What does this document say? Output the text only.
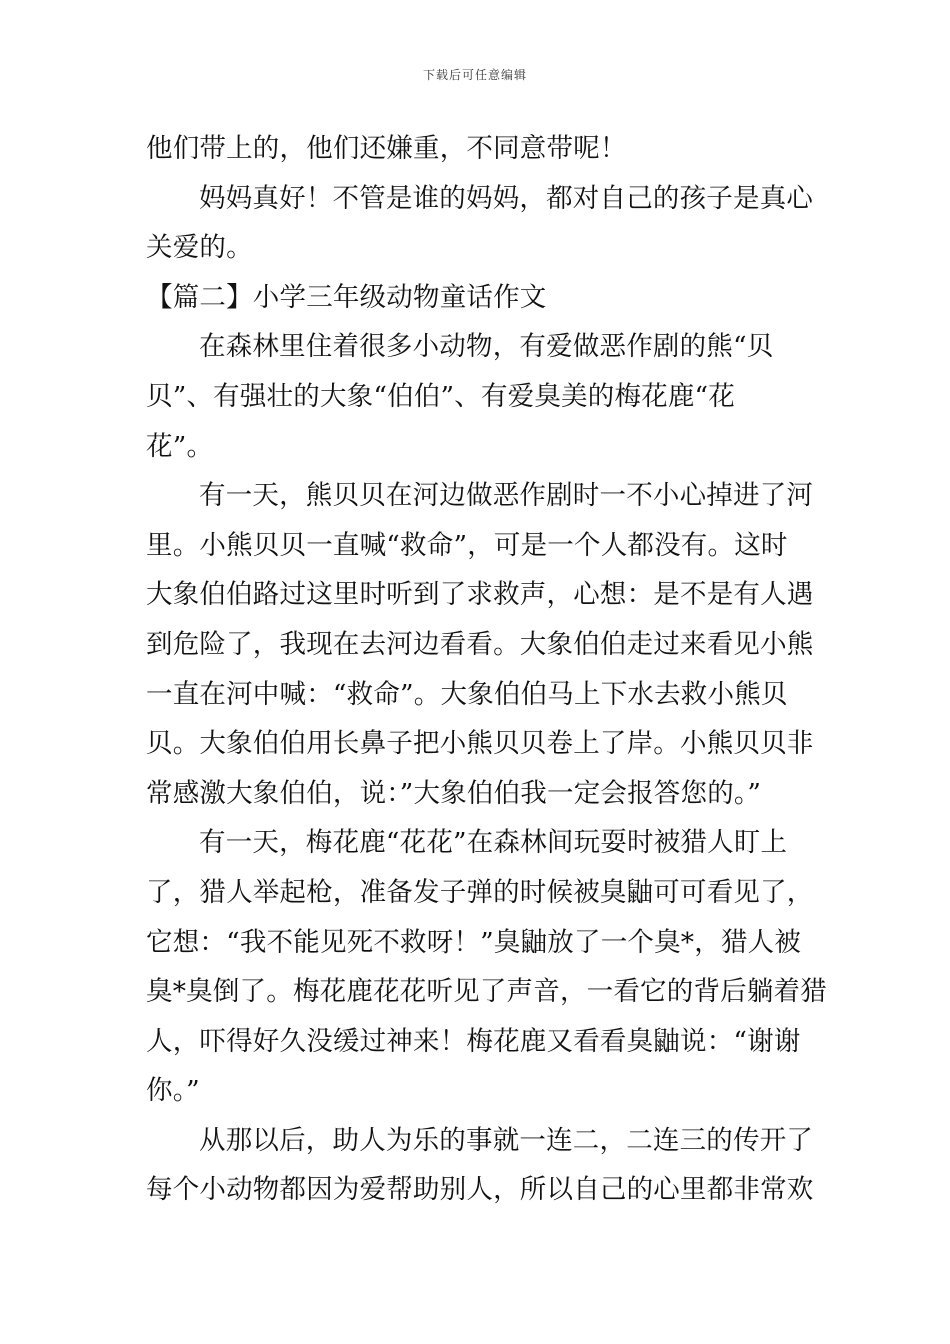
下载后可任意编辑
他们带上的，他们还嫌重，不同意带呢！
妈妈真好！不管是谁的妈妈，都对自己的孩子是真心
关爱的。
【篇二】小学三年级动物童话作文
在森林里住着很多小动物，有爱做恶作剧的熊“贝
贝”、有强壮的大象“伯伯”、有爱臭美的梅花鹿“花
花”。
有一天，熊贝贝在河边做恶作剧时一不小心掉进了河
里。小熊贝贝一直喊“救命”，可是一个人都没有。这时
大象伯伯路过这里时听到了求救声，心想：是不是有人遇
到危险了，我现在去河边看看。大象伯伯走过来看见小熊
一直在河中喊：“救命”。大象伯伯马上下水去救小熊贝
贝。大象伯伯用长鼻子把小熊贝贝卷上了岸。小熊贝贝非
常感激大象伯伯，说：”大象伯伯我一定会报答您的。”
有一天，梅花鹿“花花”在森林间玩耍时被猎人盯上
了，猎人举起枪，准备发子弹的时候被臭鼬可可看见了，
它想：“我不能见死不救呀！”臭鼬放了一个臭*，猎人被
臭*臭倒了。梅花鹿花花听见了声音，一看它的背后躺着猎
人，吓得好久没缓过神来！梅花鹿又看看臭鼬说：“谢谢
你。”
从那以后，助人为乐的事就一连二，二连三的传开了
每个小动物都因为爱帮助别人，所以自己的心里都非常欢
